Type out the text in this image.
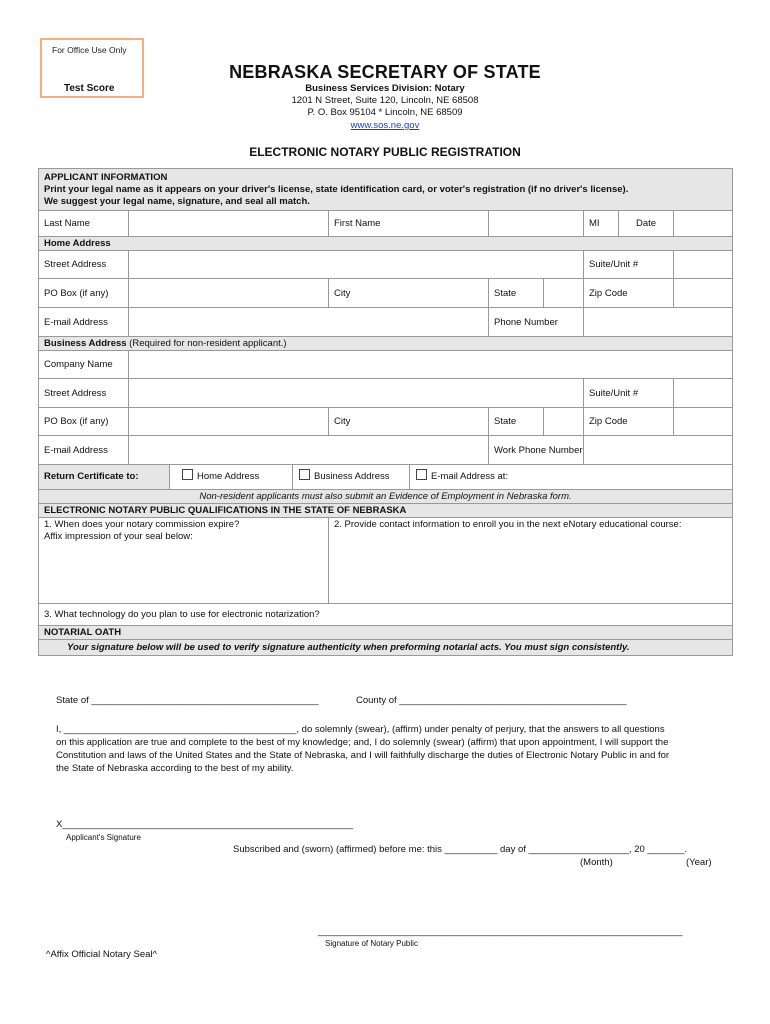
For Office Use Only
Test Score
NEBRASKA SECRETARY OF STATE
Business Services Division: Notary
1201 N Street, Suite 120, Lincoln, NE 68508
P. O. Box 95104 * Lincoln, NE 68509
www.sos.ne.gov
ELECTRONIC NOTARY PUBLIC REGISTRATION
APPLICANT INFORMATION
Print your legal name as it appears on your driver's license, state identification card, or voter's registration (if no driver's license).
We suggest your legal name, signature, and seal all match.							

Last Name		First Name			MI	Date	
Home Address							
Street Address					Suite/Unit #		
PO Box (if any)		City	State		Zip Code		
E-mail Address			Phone Number				
Business Address (Required for non-resident applicant.)							
Company Name							
Street Address					Suite/Unit #		
PO Box (if any)		City	State		Zip Code		
E-mail Address			Work Phone Number				

Return Certificate to: Home Address Business Address E-mail Address at:							

Non-resident applicants must also submit an Evidence of Employment in Nebraska form.							
ELECTRONIC NOTARY PUBLIC QUALIFICATIONS IN THE STATE OF NEBRASKA							

1. When does your notary commission expire?
Affix impression of your seal below:		2. Provide contact information to enroll you in the next eNotary educational course:					

3. What technology do you plan to use for electronic notarization?							
NOTARIAL OATH							
Your signature below will be used to verify signature authenticity when preforming notarial acts. You must sign consistently.							
State of ___________________________________________	County of ___________________________________________
I, ____________________________________________, do solemnly (swear), (affirm) under penalty of perjury, that the answers to all questions
on this application are true and complete to the best of my knowledge; and, I do solemnly (swear) (affirm) that upon appointment, I will support the
Constitution and laws of the United States and the State of Nebraska, and I will faithfully discharge the duties of Electronic Notary Public in and for
the State of Nebraska according to the best of my ability.
X_______________________________________________________
Applicant's Signature
Subscribed and (sworn) (affirmed) before me: this __________ day of ___________________, 20 _______.
(Month)	(Year)
_____________________________________________________________________
Signature of Notary Public
^Affix Official Notary Seal^
